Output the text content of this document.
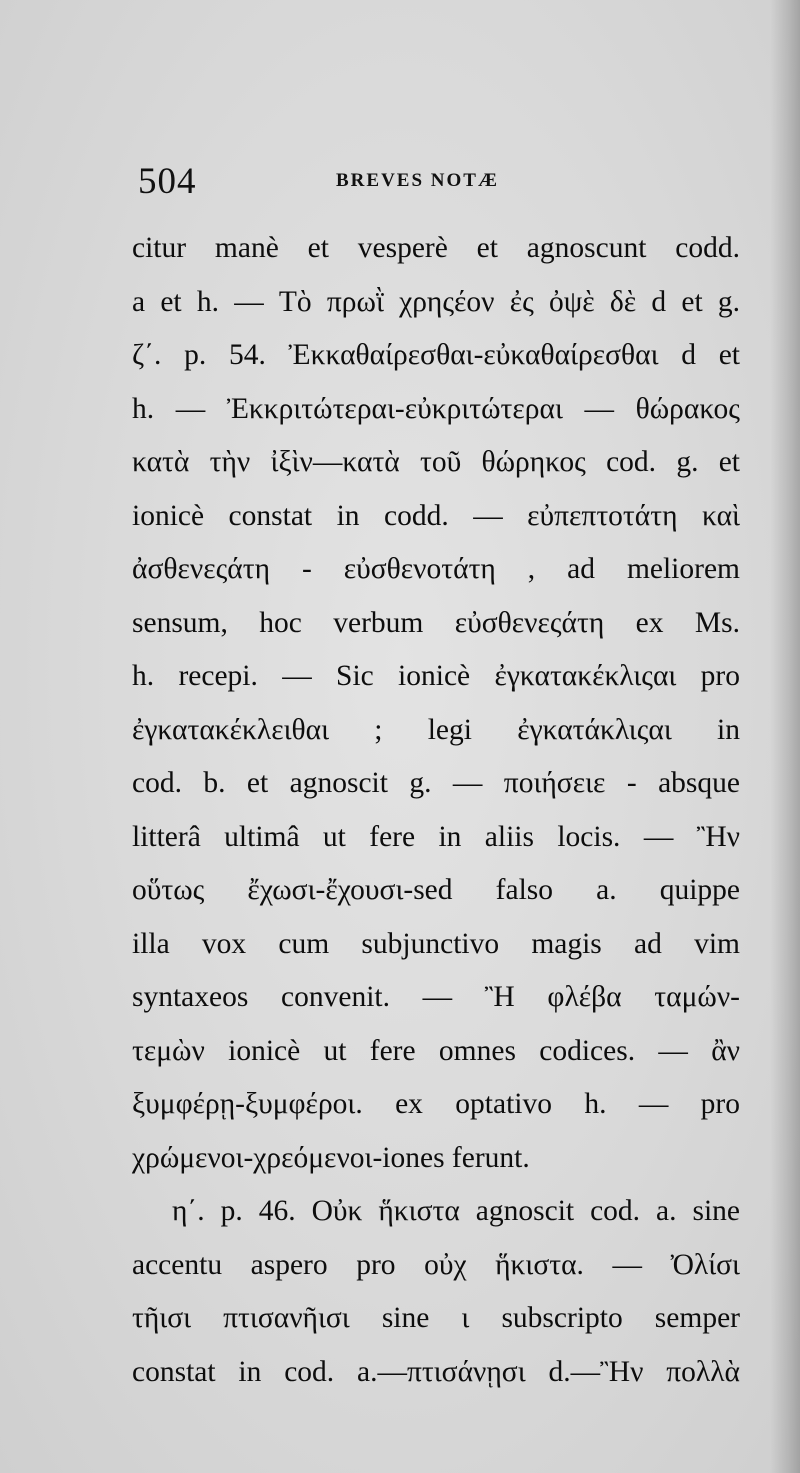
504	BREVES NOTÆ
citur manè et vesperè et agnoscunt codd.
a et h. — Τὸ πρωῒ χρηςέον ἐς ὀψὲ δὲ d et g.
ζ΄. p. 54. Ἐκκαθαίρεσθαι-εὐκαθαίρεσθαι d et
h. — Ἐκκριτώτεραι-εὐκριτώτεραι — θώρακος
κατὰ τὴν ἰξὶν—κατὰ τοῦ θώρηκος cod. g. et
ionicè constat in codd. — εὐπεπτοτάτη καὶ
ἀσθενεςάτη - εὐσθενοτάτη , ad meliorem
sensum, hoc verbum εὐσθενεςάτη ex Ms.
h. recepi. — Sic ionicè ἐγκατακέκλιςαι pro
ἐγκατακέκλειθαι ; legi ἐγκατάκλιςαι in
cod. b. et agnoscit g. — ποιήσειε - absque
litterâ ultimâ ut fere in aliis locis. — Ἢν
οὕτως ἔχωσι-ἔχουσι-sed falso a. quippe
illa vox cum subjunctivo magis ad vim
syntaxeos convenit. — Ἢ φλέβα ταμών-
τεμὼν ionicè ut fere omnes codices. — ἂν
ξυμφέρῃ-ξυμφέροι. ex optativo h. — pro
χρώμενοι-χρεόμενοι-iones ferunt.
η΄. p. 46. Οὐκ ἥκιστα agnoscit cod. a. sine
accentu aspero pro οὐχ ἥκιστα. — Ὀλίσι
τῆισι πτισανῆισι sine ι subscripto semper
constat in cod. a.—πτισάνῃσι d.—Ἢν πολλὰ
